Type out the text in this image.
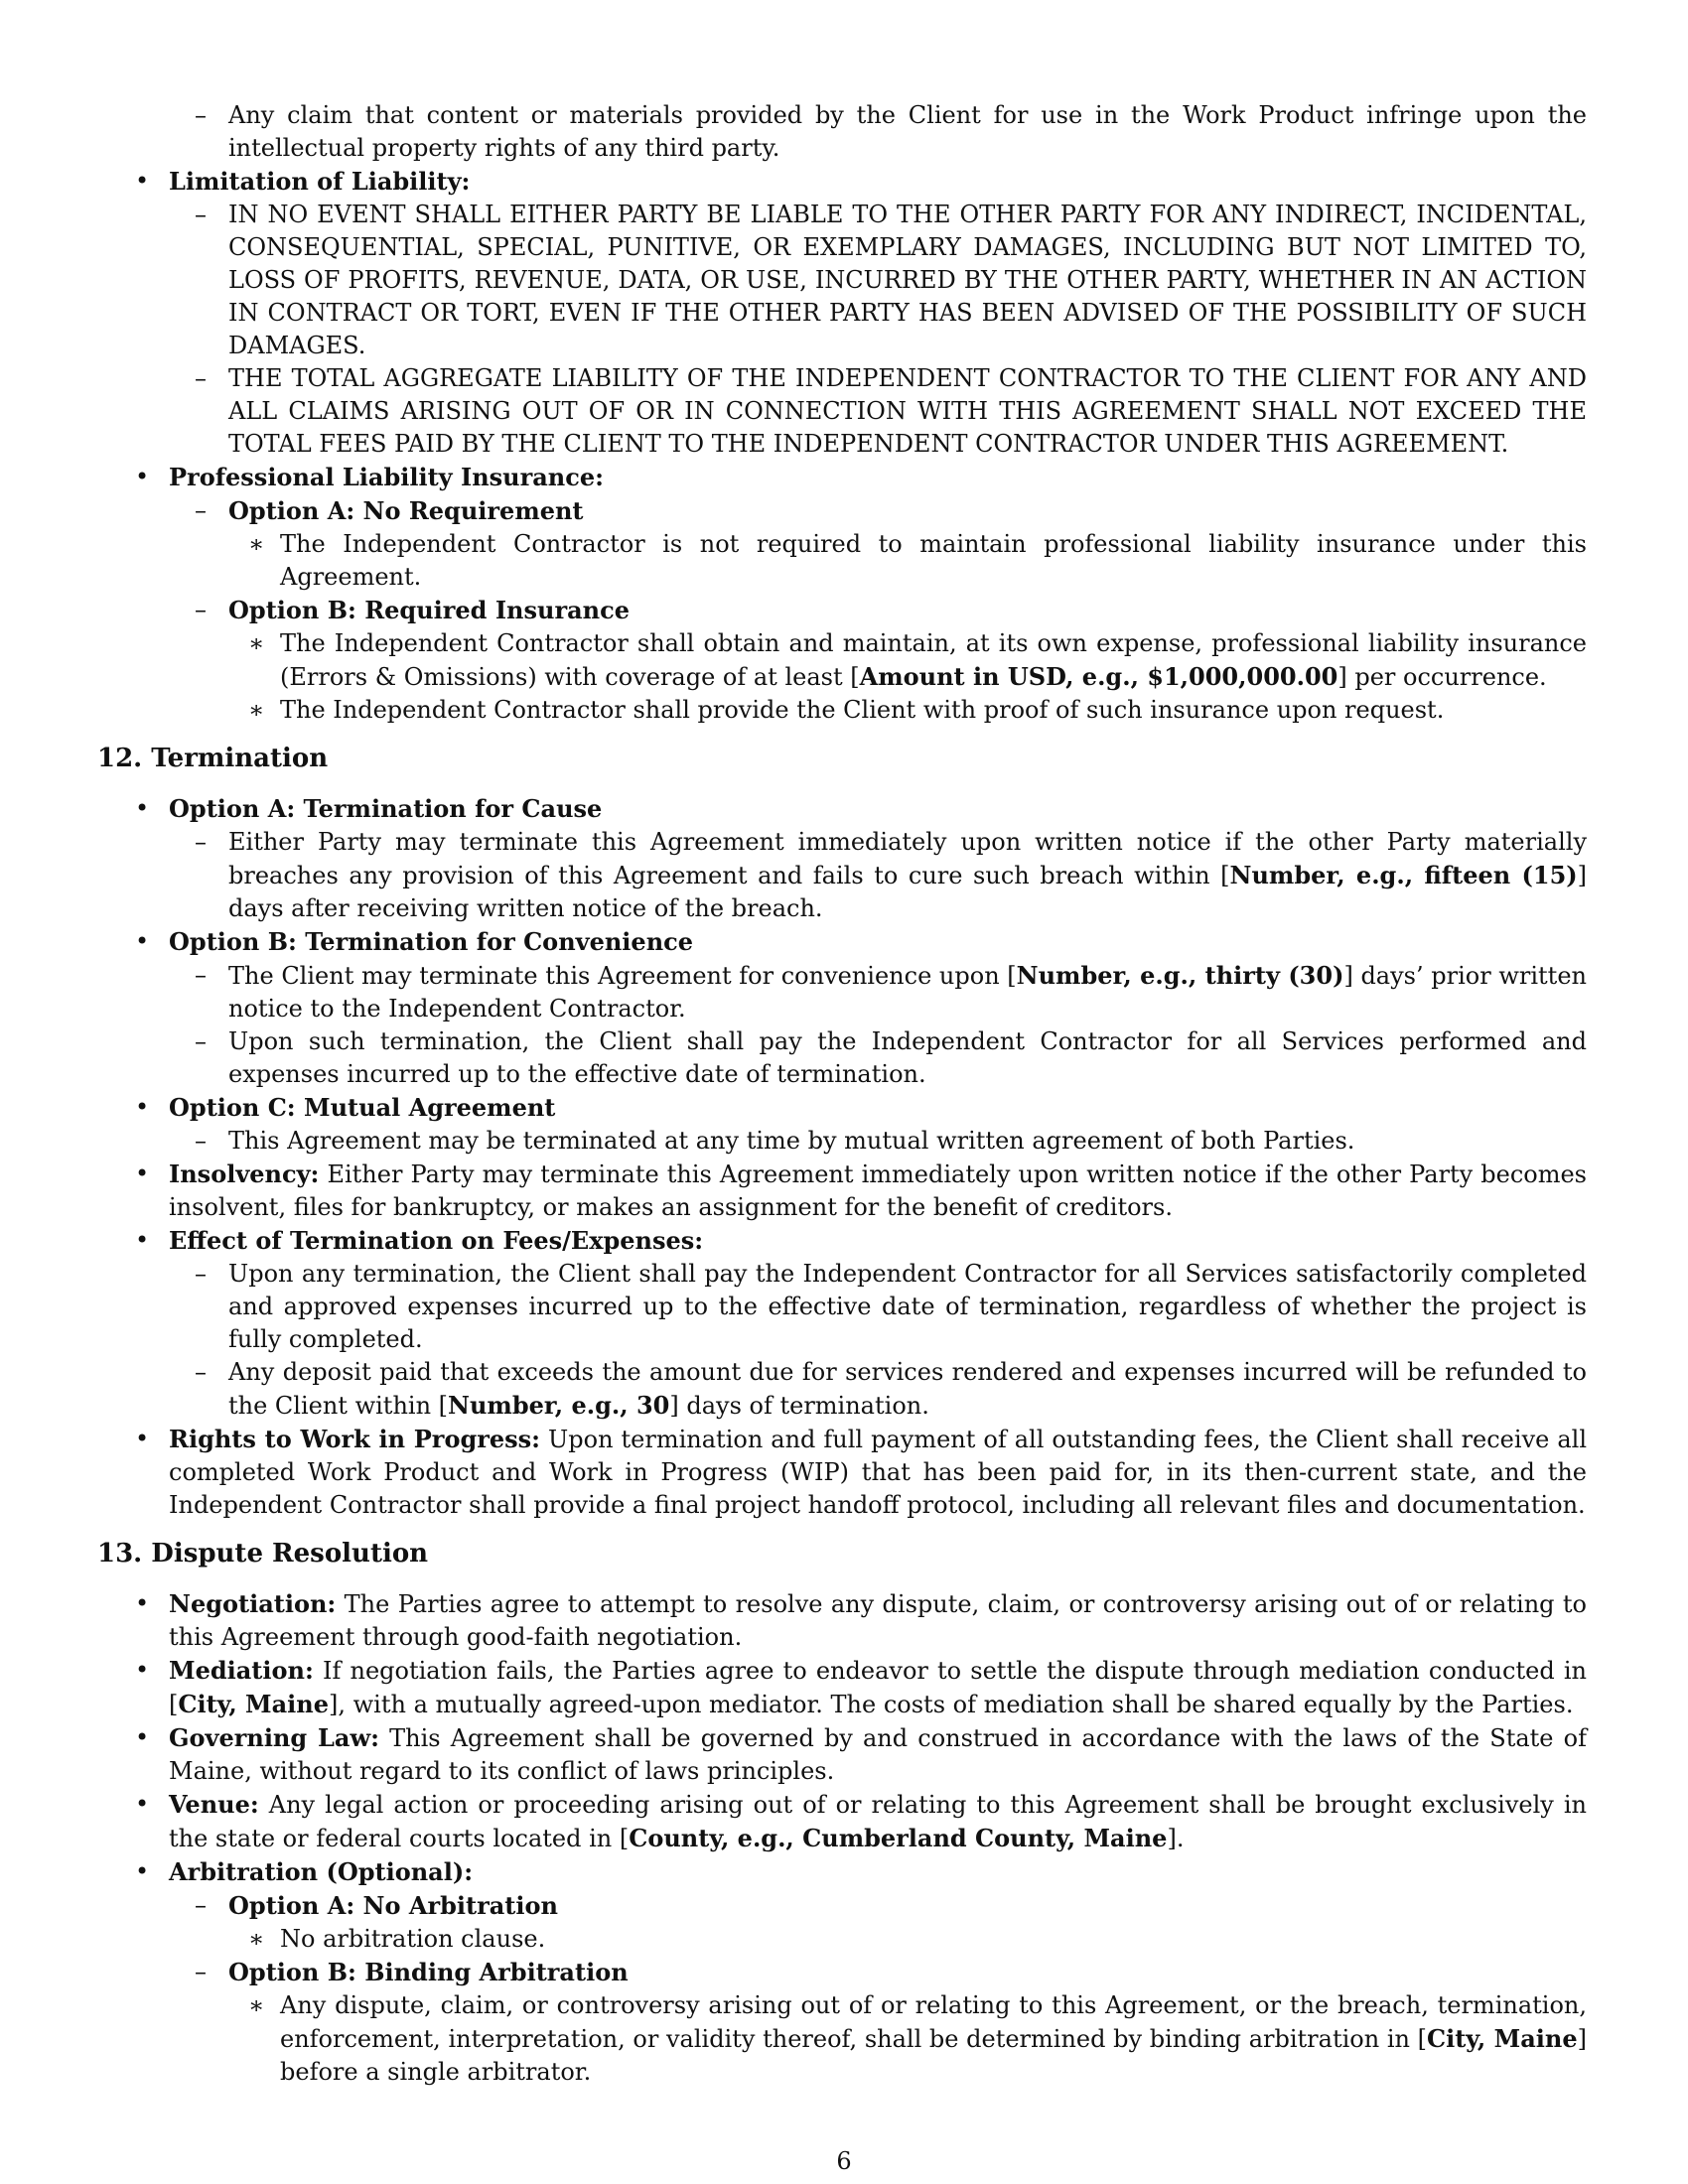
– Any claim that content or materials provided by the Client for use in the Work Product infringe upon the intellectual property rights of any third party.
• Limitation of Liability:
– IN NO EVENT SHALL EITHER PARTY BE LIABLE TO THE OTHER PARTY FOR ANY INDIRECT, INCIDENTAL, CONSEQUENTIAL, SPECIAL, PUNITIVE, OR EXEMPLARY DAMAGES, INCLUDING BUT NOT LIMITED TO, LOSS OF PROFITS, REVENUE, DATA, OR USE, INCURRED BY THE OTHER PARTY, WHETHER IN AN ACTION IN CONTRACT OR TORT, EVEN IF THE OTHER PARTY HAS BEEN ADVISED OF THE POSSIBILITY OF SUCH DAMAGES.
– THE TOTAL AGGREGATE LIABILITY OF THE INDEPENDENT CONTRACTOR TO THE CLIENT FOR ANY AND ALL CLAIMS ARISING OUT OF OR IN CONNECTION WITH THIS AGREEMENT SHALL NOT EXCEED THE TOTAL FEES PAID BY THE CLIENT TO THE INDEPENDENT CONTRACTOR UNDER THIS AGREEMENT.
• Professional Liability Insurance:
– Option A: No Requirement
∗ The Independent Contractor is not required to maintain professional liability insurance under this Agreement.
– Option B: Required Insurance
∗ The Independent Contractor shall obtain and maintain, at its own expense, professional liability insurance (Errors & Omissions) with coverage of at least [Amount in USD, e.g., $1,000,000.00] per occurrence.
∗ The Independent Contractor shall provide the Client with proof of such insurance upon request.
12. Termination
• Option A: Termination for Cause
– Either Party may terminate this Agreement immediately upon written notice if the other Party materially breaches any provision of this Agreement and fails to cure such breach within [Number, e.g., fifteen (15)] days after receiving written notice of the breach.
• Option B: Termination for Convenience
– The Client may terminate this Agreement for convenience upon [Number, e.g., thirty (30)] days’ prior written notice to the Independent Contractor.
– Upon such termination, the Client shall pay the Independent Contractor for all Services performed and expenses incurred up to the effective date of termination.
• Option C: Mutual Agreement
– This Agreement may be terminated at any time by mutual written agreement of both Parties.
• Insolvency: Either Party may terminate this Agreement immediately upon written notice if the other Party becomes insolvent, files for bankruptcy, or makes an assignment for the benefit of creditors.
• Effect of Termination on Fees/Expenses:
– Upon any termination, the Client shall pay the Independent Contractor for all Services satisfactorily completed and approved expenses incurred up to the effective date of termination, regardless of whether the project is fully completed.
– Any deposit paid that exceeds the amount due for services rendered and expenses incurred will be refunded to the Client within [Number, e.g., 30] days of termination.
• Rights to Work in Progress: Upon termination and full payment of all outstanding fees, the Client shall receive all completed Work Product and Work in Progress (WIP) that has been paid for, in its then-current state, and the Independent Contractor shall provide a final project handoff protocol, including all relevant files and documentation.
13. Dispute Resolution
• Negotiation: The Parties agree to attempt to resolve any dispute, claim, or controversy arising out of or relating to this Agreement through good-faith negotiation.
• Mediation: If negotiation fails, the Parties agree to endeavor to settle the dispute through mediation conducted in [City, Maine], with a mutually agreed-upon mediator. The costs of mediation shall be shared equally by the Parties.
• Governing Law: This Agreement shall be governed by and construed in accordance with the laws of the State of Maine, without regard to its conflict of laws principles.
• Venue: Any legal action or proceeding arising out of or relating to this Agreement shall be brought exclusively in the state or federal courts located in [County, e.g., Cumberland County, Maine].
• Arbitration (Optional):
– Option A: No Arbitration
∗ No arbitration clause.
– Option B: Binding Arbitration
∗ Any dispute, claim, or controversy arising out of or relating to this Agreement, or the breach, termination, enforcement, interpretation, or validity thereof, shall be determined by binding arbitration in [City, Maine] before a single arbitrator.
6
